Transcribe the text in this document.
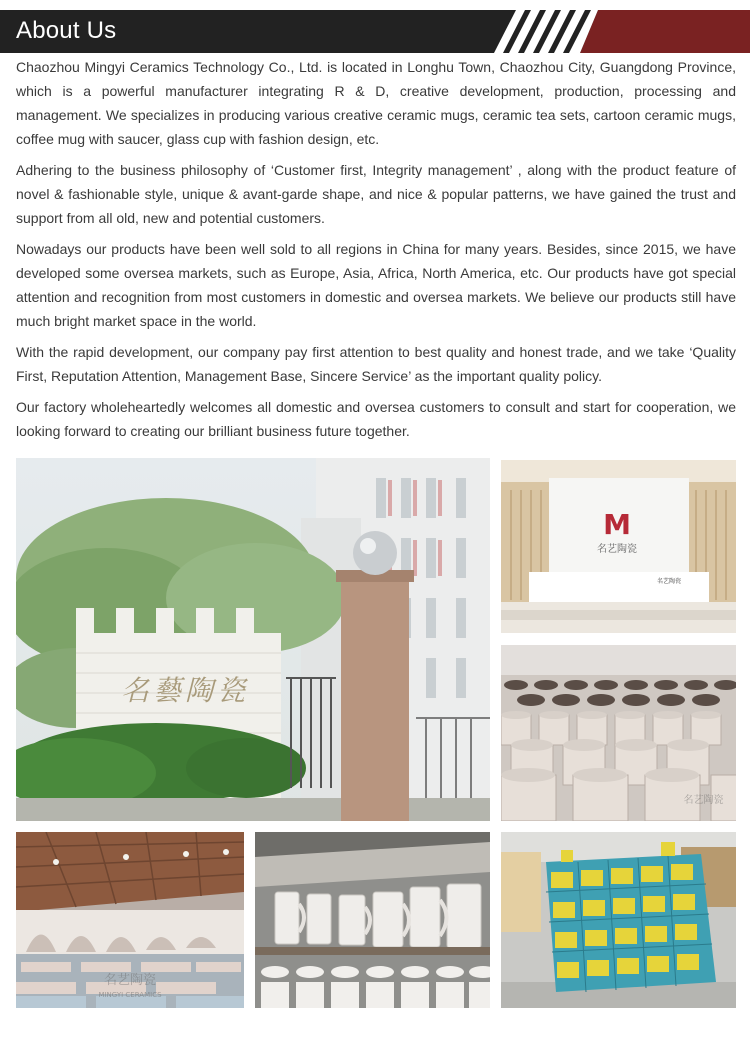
About Us

Chaozhou Mingyi Ceramics Technology Co., Ltd. is located in Longhu Town, Chaozhou City, Guangdong Province, which is a powerful manufacturer integrating R & D, creative development, production, processing and management. We specializes in producing various creative ceramic mugs, ceramic tea sets, cartoon ceramic mugs, coffee mug with saucer, glass cup with fashion design, etc.

Adhering to the business philosophy of ‘Customer first, Integrity management’ , along with the product feature of novel & fashionable style, unique & avant-garde shape, and nice & popular patterns, we have gained the trust and support from all old, new and potential customers.

Nowadays our products have been well sold to all regions in China for many years. Besides, since 2015, we have developed some oversea markets, such as Europe, Asia, Africa, North America, etc. Our products have got special attention and recognition from most customers in domestic and oversea markets. We believe our products still have much bright market space in the world.

With the rapid development, our company pay first attention to best quality and honest trade, and we take ‘Quality First, Reputation Attention, Management Base, Sincere Service’ as the important quality policy.

Our factory wholeheartedly welcomes all domestic and oversea customers to consult and start for cooperation, we looking forward to creating our brilliant business future together.

名藝陶瓷
M
名艺陶瓷
名艺陶瓷
名艺陶瓷
名艺陶瓷
MINGYI CERAMICS
